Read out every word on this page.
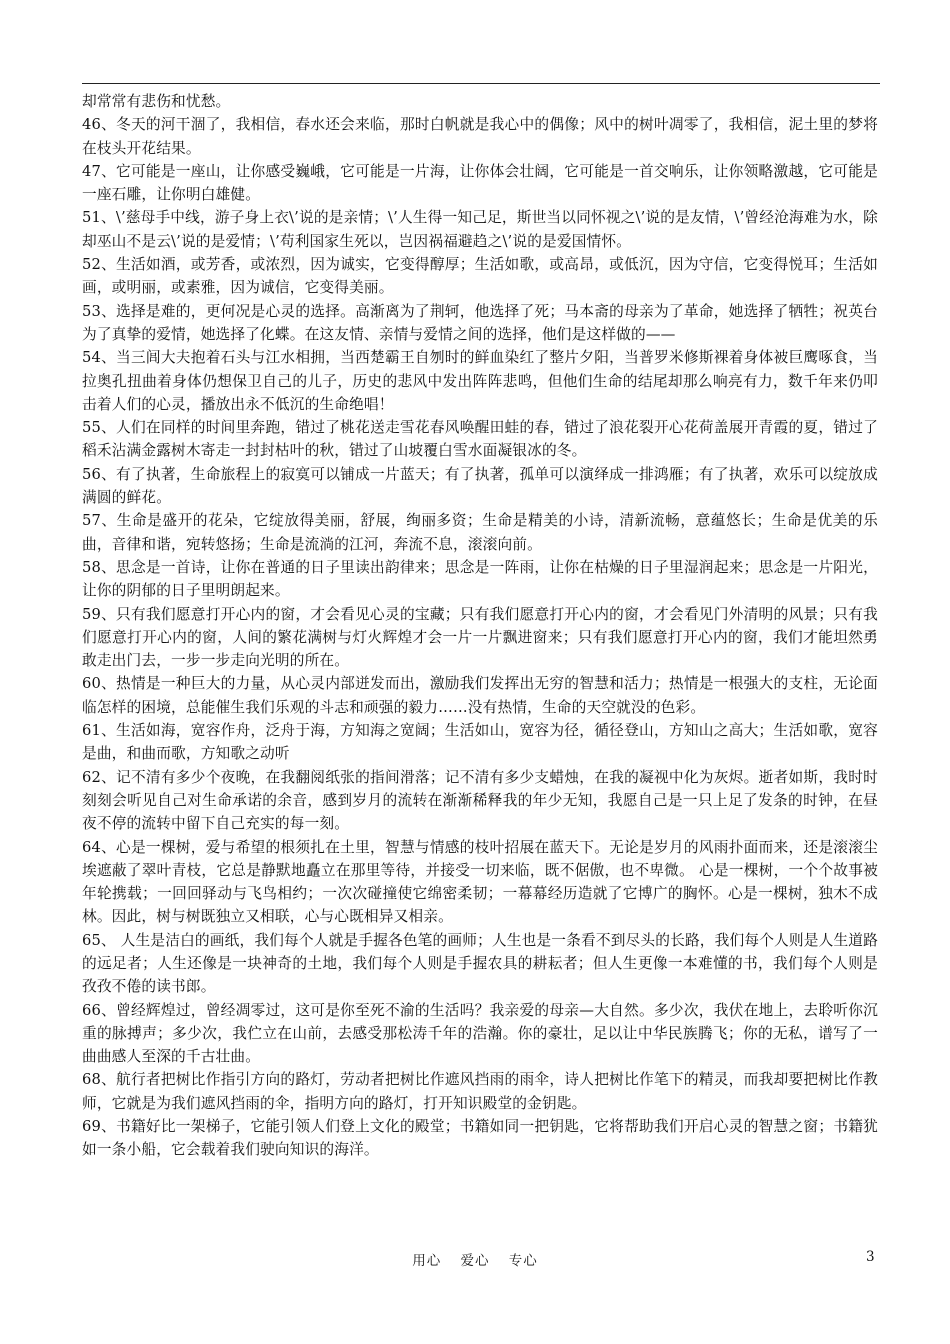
却常常有悲伤和忧愁。

46、冬天的河干涸了，我相信，春水还会来临，那时白帆就是我心中的偶像；风中的树叶凋零了，我相信，泥土里的梦将在枝头开花结果。

47、它可能是一座山，让你感受巍峨，它可能是一片海，让你体会壮阔，它可能是一首交响乐，让你领略激越，它可能是一座石雕，让你明白雄健。

51、\’慈母手中线，游子身上衣\’说的是亲情；\’人生得一知己足，斯世当以同怀视之\’说的是友情，\’曾经沧海难为水，除却巫山不是云\’说的是爱情；\’苟利国家生死以，岂因祸福避趋之\’说的是爱国情怀。

52、生活如酒，或芳香，或浓烈，因为诚实，它变得醇厚；生活如歌，或高昂，或低沉，因为守信，它变得悦耳；生活如画，或明丽，或素雅，因为诚信，它变得美丽。

53、选择是难的，更何况是心灵的选择。高渐离为了荆轲，他选择了死；马本斋的母亲为了革命，她选择了牺牲；祝英台为了真挚的爱情，她选择了化蝶。在这友情、亲情与爱情之间的选择，他们是这样做的——

54、当三闾大夫抱着石头与江水相拥，当西楚霸王自刎时的鲜血染红了整片夕阳，当普罗米修斯裸着身体被巨鹰啄食，当拉奥孔扭曲着身体仍想保卫自己的儿子，历史的悲风中发出阵阵悲鸣，但他们生命的结尾却那么响亮有力，数千年来仍叩击着人们的心灵，播放出永不低沉的生命绝唱！

55、人们在同样的时间里奔跑，错过了桃花送走雪花春风唤醒田蛙的春，错过了浪花裂开心花荷盖展开青霞的夏，错过了稻禾沾满金露树木寄走一封封枯叶的秋，错过了山坡覆白雪水面凝银冰的冬。

56、有了执著，生命旅程上的寂寞可以铺成一片蓝天；有了执著，孤单可以演绎成一排鸿雁；有了执著，欢乐可以绽放成满圆的鲜花。

57、生命是盛开的花朵，它绽放得美丽，舒展，绚丽多资；生命是精美的小诗，清新流畅，意蕴悠长；生命是优美的乐曲，音律和谐，宛转悠扬；生命是流淌的江河，奔流不息，滚滚向前。

58、思念是一首诗，让你在普通的日子里读出韵律来；思念是一阵雨，让你在枯燥的日子里湿润起来；思念是一片阳光，让你的阴郁的日子里明朗起来。

59、只有我们愿意打开心内的窗，才会看见心灵的宝藏；只有我们愿意打开心内的窗，才会看见门外清明的风景；只有我们愿意打开心内的窗，人间的繁花满树与灯火辉煌才会一片一片飘进窗来；只有我们愿意打开心内的窗，我们才能坦然勇敢走出门去，一步一步走向光明的所在。

60、热情是一种巨大的力量，从心灵内部迸发而出，激励我们发挥出无穷的智慧和活力；热情是一根强大的支柱，无论面临怎样的困境，总能催生我们乐观的斗志和顽强的毅力……没有热情，生命的天空就没的色彩。

61、生活如海，宽容作舟，泛舟于海，方知海之宽阔；生活如山，宽容为径，循径登山，方知山之高大；生活如歌，宽容是曲，和曲而歌，方知歌之动听

62、记不清有多少个夜晚，在我翻阅纸张的指间滑落；记不清有多少支蜡烛，在我的凝视中化为灰烬。逝者如斯，我时时刻刻会听见自己对生命承诺的余音，感到岁月的流转在渐渐稀释我的年少无知，我愿自己是一只上足了发条的时钟，在昼夜不停的流转中留下自己充实的每一刻。

64、心是一棵树，爱与希望的根须扎在土里，智慧与情感的枝叶招展在蓝天下。无论是岁月的风雨扑面而来，还是滚滚尘埃遮蔽了翠叶青枝，它总是静默地矗立在那里等待，并接受一切来临，既不倨傲，也不卑微。 心是一棵树，一个个故事被年轮携载；一回回驿动与飞鸟相约；一次次碰撞使它绵密柔韧；一幕幕经历造就了它博广的胸怀。心是一棵树，独木不成林。因此，树与树既独立又相联，心与心既相异又相亲。

65、 人生是洁白的画纸，我们每个人就是手握各色笔的画师；人生也是一条看不到尽头的长路，我们每个人则是人生道路的远足者；人生还像是一块神奇的土地，我们每个人则是手握农具的耕耘者；但人生更像一本难懂的书，我们每个人则是孜孜不倦的读书郎。

66、曾经辉煌过，曾经凋零过，这可是你至死不渝的生活吗？我亲爱的母亲—大自然。多少次，我伏在地上，去聆听你沉重的脉搏声；多少次，我伫立在山前，去感受那松涛千年的浩瀚。你的豪壮，足以让中华民族腾飞；你的无私，谱写了一曲曲感人至深的千古壮曲。

68、航行者把树比作指引方向的路灯，劳动者把树比作遮风挡雨的雨伞，诗人把树比作笔下的精灵，而我却要把树比作教师，它就是为我们遮风挡雨的伞，指明方向的路灯，打开知识殿堂的金钥匙。

69、书籍好比一架梯子，它能引领人们登上文化的殿堂；书籍如同一把钥匙，它将帮助我们开启心灵的智慧之窗；书籍犹如一条小船，它会载着我们驶向知识的海洋。

用心 爱心 专心	3
